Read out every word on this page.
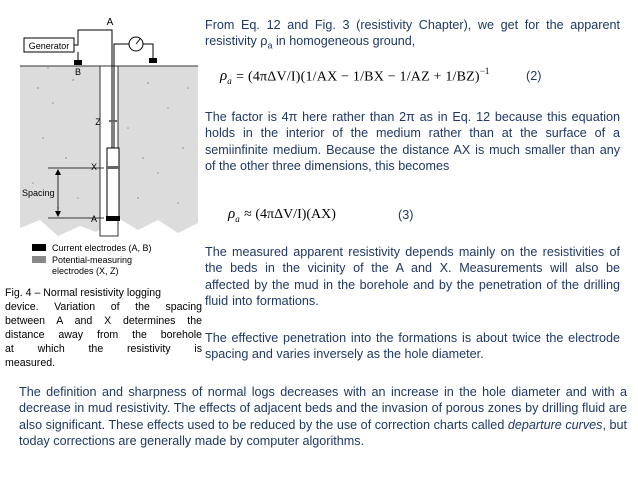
Generator
A
B
Z
X
A
Spacing
Current electrodes (A, B)
Potential-measuring
electrodes (X, Z)
Fig. 4 – Normal resistivity logging
device. Variation of the spacing
between A and X determines the
distance away from the borehole
at which the resistivity is
measured.
From Eq. 12 and Fig. 3 (resistivity Chapter), we get for the apparent resistivity $\rho_a$ in homogeneous ground,
$\rho_a = (4\pi\Delta V/I)(1/AX - 1/BX - 1/AZ + 1/BZ)^{-1}$	(2)
The factor is 4π here rather than 2π as in Eq. 12 because this equation holds in the interior of the medium rather than at the surface of a semiinfinite medium. Because the distance AX is much smaller than any of the other three dimensions, this becomes
$\rho_a \approx (4\pi\Delta V/I)(AX)$	(3)
The measured apparent resistivity depends mainly on the resistivities of the beds in the vicinity of the A and X. Measurements will also be affected by the mud in the borehole and by the penetration of the drilling fluid into formations.
The effective penetration into the formations is about twice the electrode spacing and varies inversely as the hole diameter.
The definition and sharpness of normal logs decreases with an increase in the hole diameter and with a decrease in mud resistivity. The effects of adjacent beds and the invasion of porous zones by drilling fluid are also significant. These effects used to be reduced by the use of correction charts called departure curves, but today corrections are generally made by computer algorithms.
